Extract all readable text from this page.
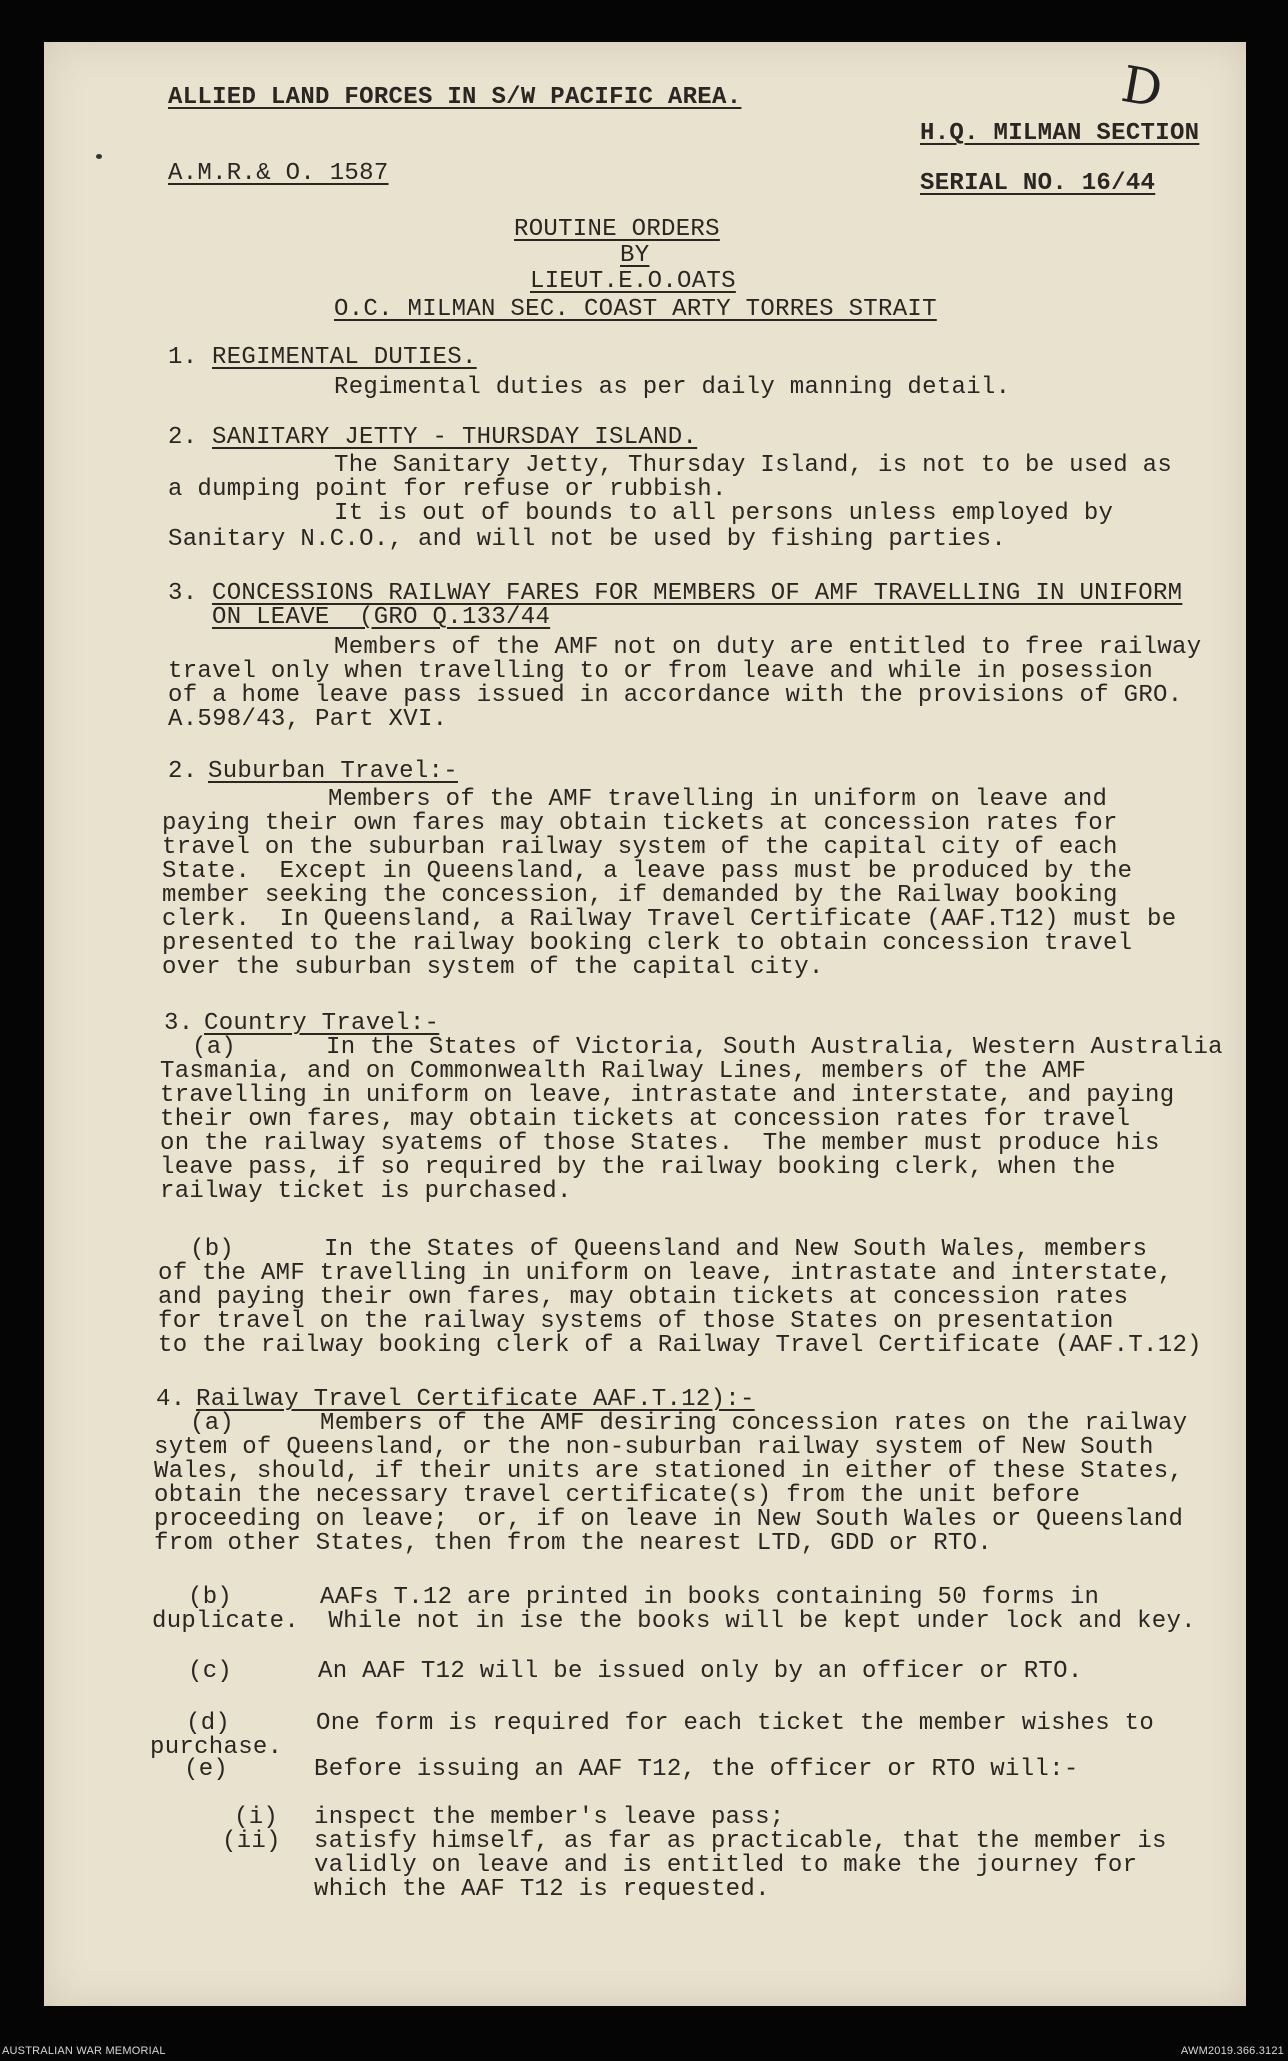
ALLIED LAND FORCES IN S/W PACIFIC AREA.
H.Q. MILMAN SECTION
D
A.M.R.& O. 1587	SERIAL NO. 16/44
ROUTINE ORDERS
BY
LIEUT.E.O.OATS
O.C. MILMAN SEC. COAST ARTY TORRES STRAIT
1. REGIMENTAL DUTIES.
Regimental duties as per daily manning detail.
2. SANITARY JETTY - THURSDAY ISLAND.
The Sanitary Jetty, Thursday Island, is not to be used as
a dumping point for refuse or rubbish.
It is out of bounds to all persons unless employed by
Sanitary N.C.O., and will not be used by fishing parties.
3. CONCESSIONS RAILWAY FARES FOR MEMBERS OF AMF TRAVELLING IN UNIFORM
ON LEAVE  (GRO Q.133/44
Members of the AMF not on duty are entitled to free railway
travel only when travelling to or from leave and while in posession
of a home leave pass issued in accordance with the provisions of GRO.
A.598/43, Part XVI.
2. Suburban Travel:-
Members of the AMF travelling in uniform on leave and
paying their own fares may obtain tickets at concession rates for
travel on the suburban railway system of the capital city of each
State.  Except in Queensland, a leave pass must be produced by the
member seeking the concession, if demanded by the Railway booking
clerk.  In Queensland, a Railway Travel Certificate (AAF.T12) must be
presented to the railway booking clerk to obtain concession travel
over the suburban system of the capital city.
3. Country Travel:-
(a)	In the States of Victoria, South Australia, Western Australia
Tasmania, and on Commonwealth Railway Lines, members of the AMF
travelling in uniform on leave, intrastate and interstate, and paying
their own fares, may obtain tickets at concession rates for travel
on the railway syatems of those States.  The member must produce his
leave pass, if so required by the railway booking clerk, when the
railway ticket is purchased.
(b)	In the States of Queensland and New South Wales, members
of the AMF travelling in uniform on leave, intrastate and interstate,
and paying their own fares, may obtain tickets at concession rates
for travel on the railway systems of those States on presentation
to the railway booking clerk of a Railway Travel Certificate (AAF.T.12)
4. Railway Travel Certificate AAF.T.12):-
(a)	Members of the AMF desiring concession rates on the railway
sytem of Queensland, or the non-suburban railway system of New South
Wales, should, if their units are stationed in either of these States,
obtain the necessary travel certificate(s) from the unit before
proceeding on leave;  or, if on leave in New South Wales or Queensland
from other States, then from the nearest LTD, GDD or RTO.
(b)	AAFs T.12 are printed in books containing 50 forms in
duplicate.  While not in ise the books will be kept under lock and key.
(c)	An AAF T12 will be issued only by an officer or RTO.
(d)	One form is required for each ticket the member wishes to
purchase.
(e)	Before issuing an AAF T12, the officer or RTO will:-
(i) inspect the member's leave pass;
(ii) satisfy himself, as far as practicable, that the member is
validly on leave and is entitled to make the journey for
which the AAF T12 is requested.
AUSTRALIAN WAR MEMORIAL	AWM2019.366.3121
